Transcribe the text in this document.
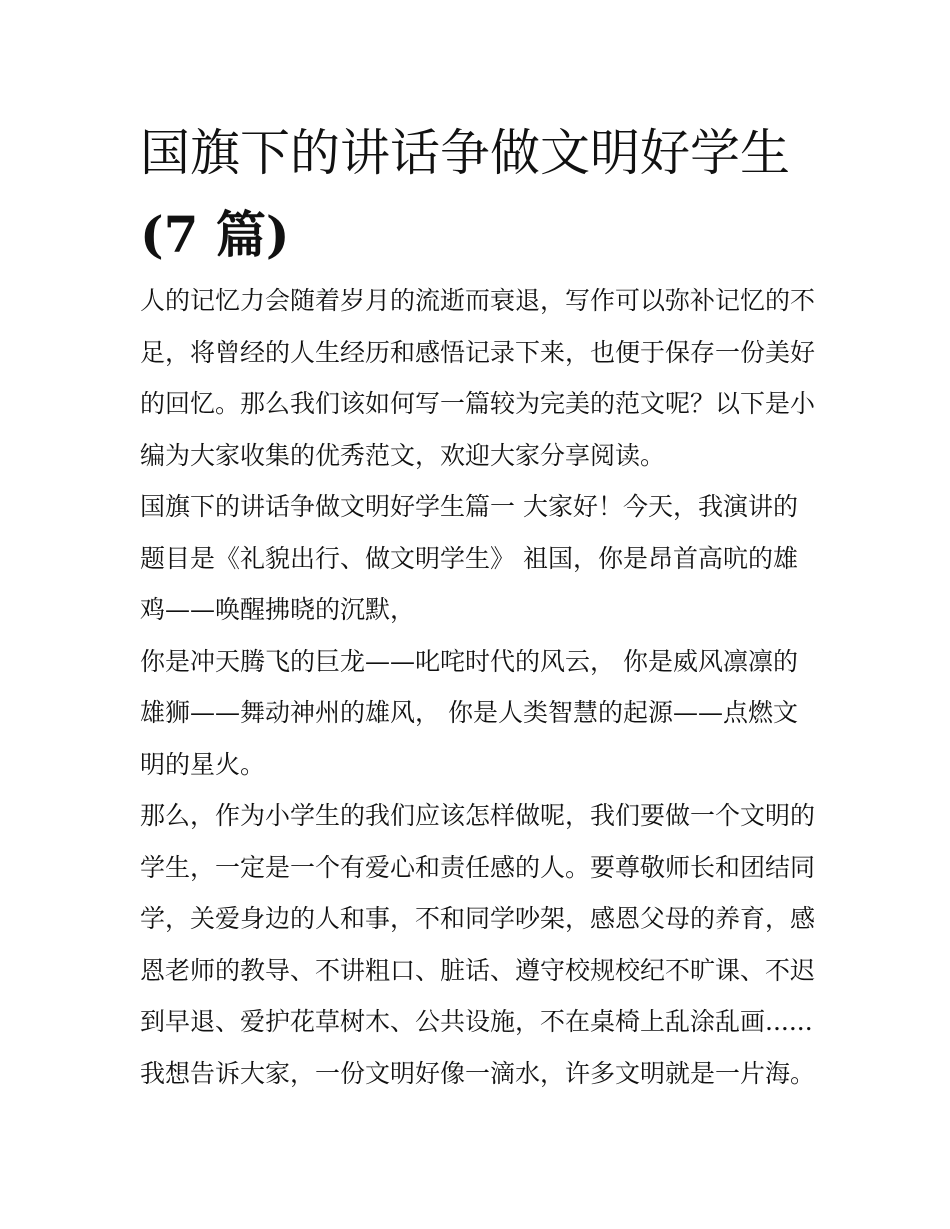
国旗下的讲话争做文明好学生
(7 篇)

人的记忆力会随着岁月的流逝而衰退，写作可以弥补记忆的不
足，将曾经的人生经历和感悟记录下来，也便于保存一份美好
的回忆。那么我们该如何写一篇较为完美的范文呢？以下是小
编为大家收集的优秀范文，欢迎大家分享阅读。

国旗下的讲话争做文明好学生篇一 大家好！今天，我演讲的
题目是《礼貌出行、做文明学生》 祖国，你是昂首高吭的雄
鸡——唤醒拂晓的沉默，

你是冲天腾飞的巨龙——叱咤时代的风云， 你是威风凛凛的
雄狮——舞动神州的雄风， 你是人类智慧的起源——点燃文
明的星火。

那么，作为小学生的我们应该怎样做呢，我们要做一个文明的
学生，一定是一个有爱心和责任感的人。要尊敬师长和团结同
学，关爱身边的人和事，不和同学吵架，感恩父母的养育，感
恩老师的教导、不讲粗口、脏话、遵守校规校纪不旷课、不迟
到早退、爱护花草树木、公共设施，不在桌椅上乱涂乱画......
我想告诉大家，一份文明好像一滴水，许多文明就是一片海。
